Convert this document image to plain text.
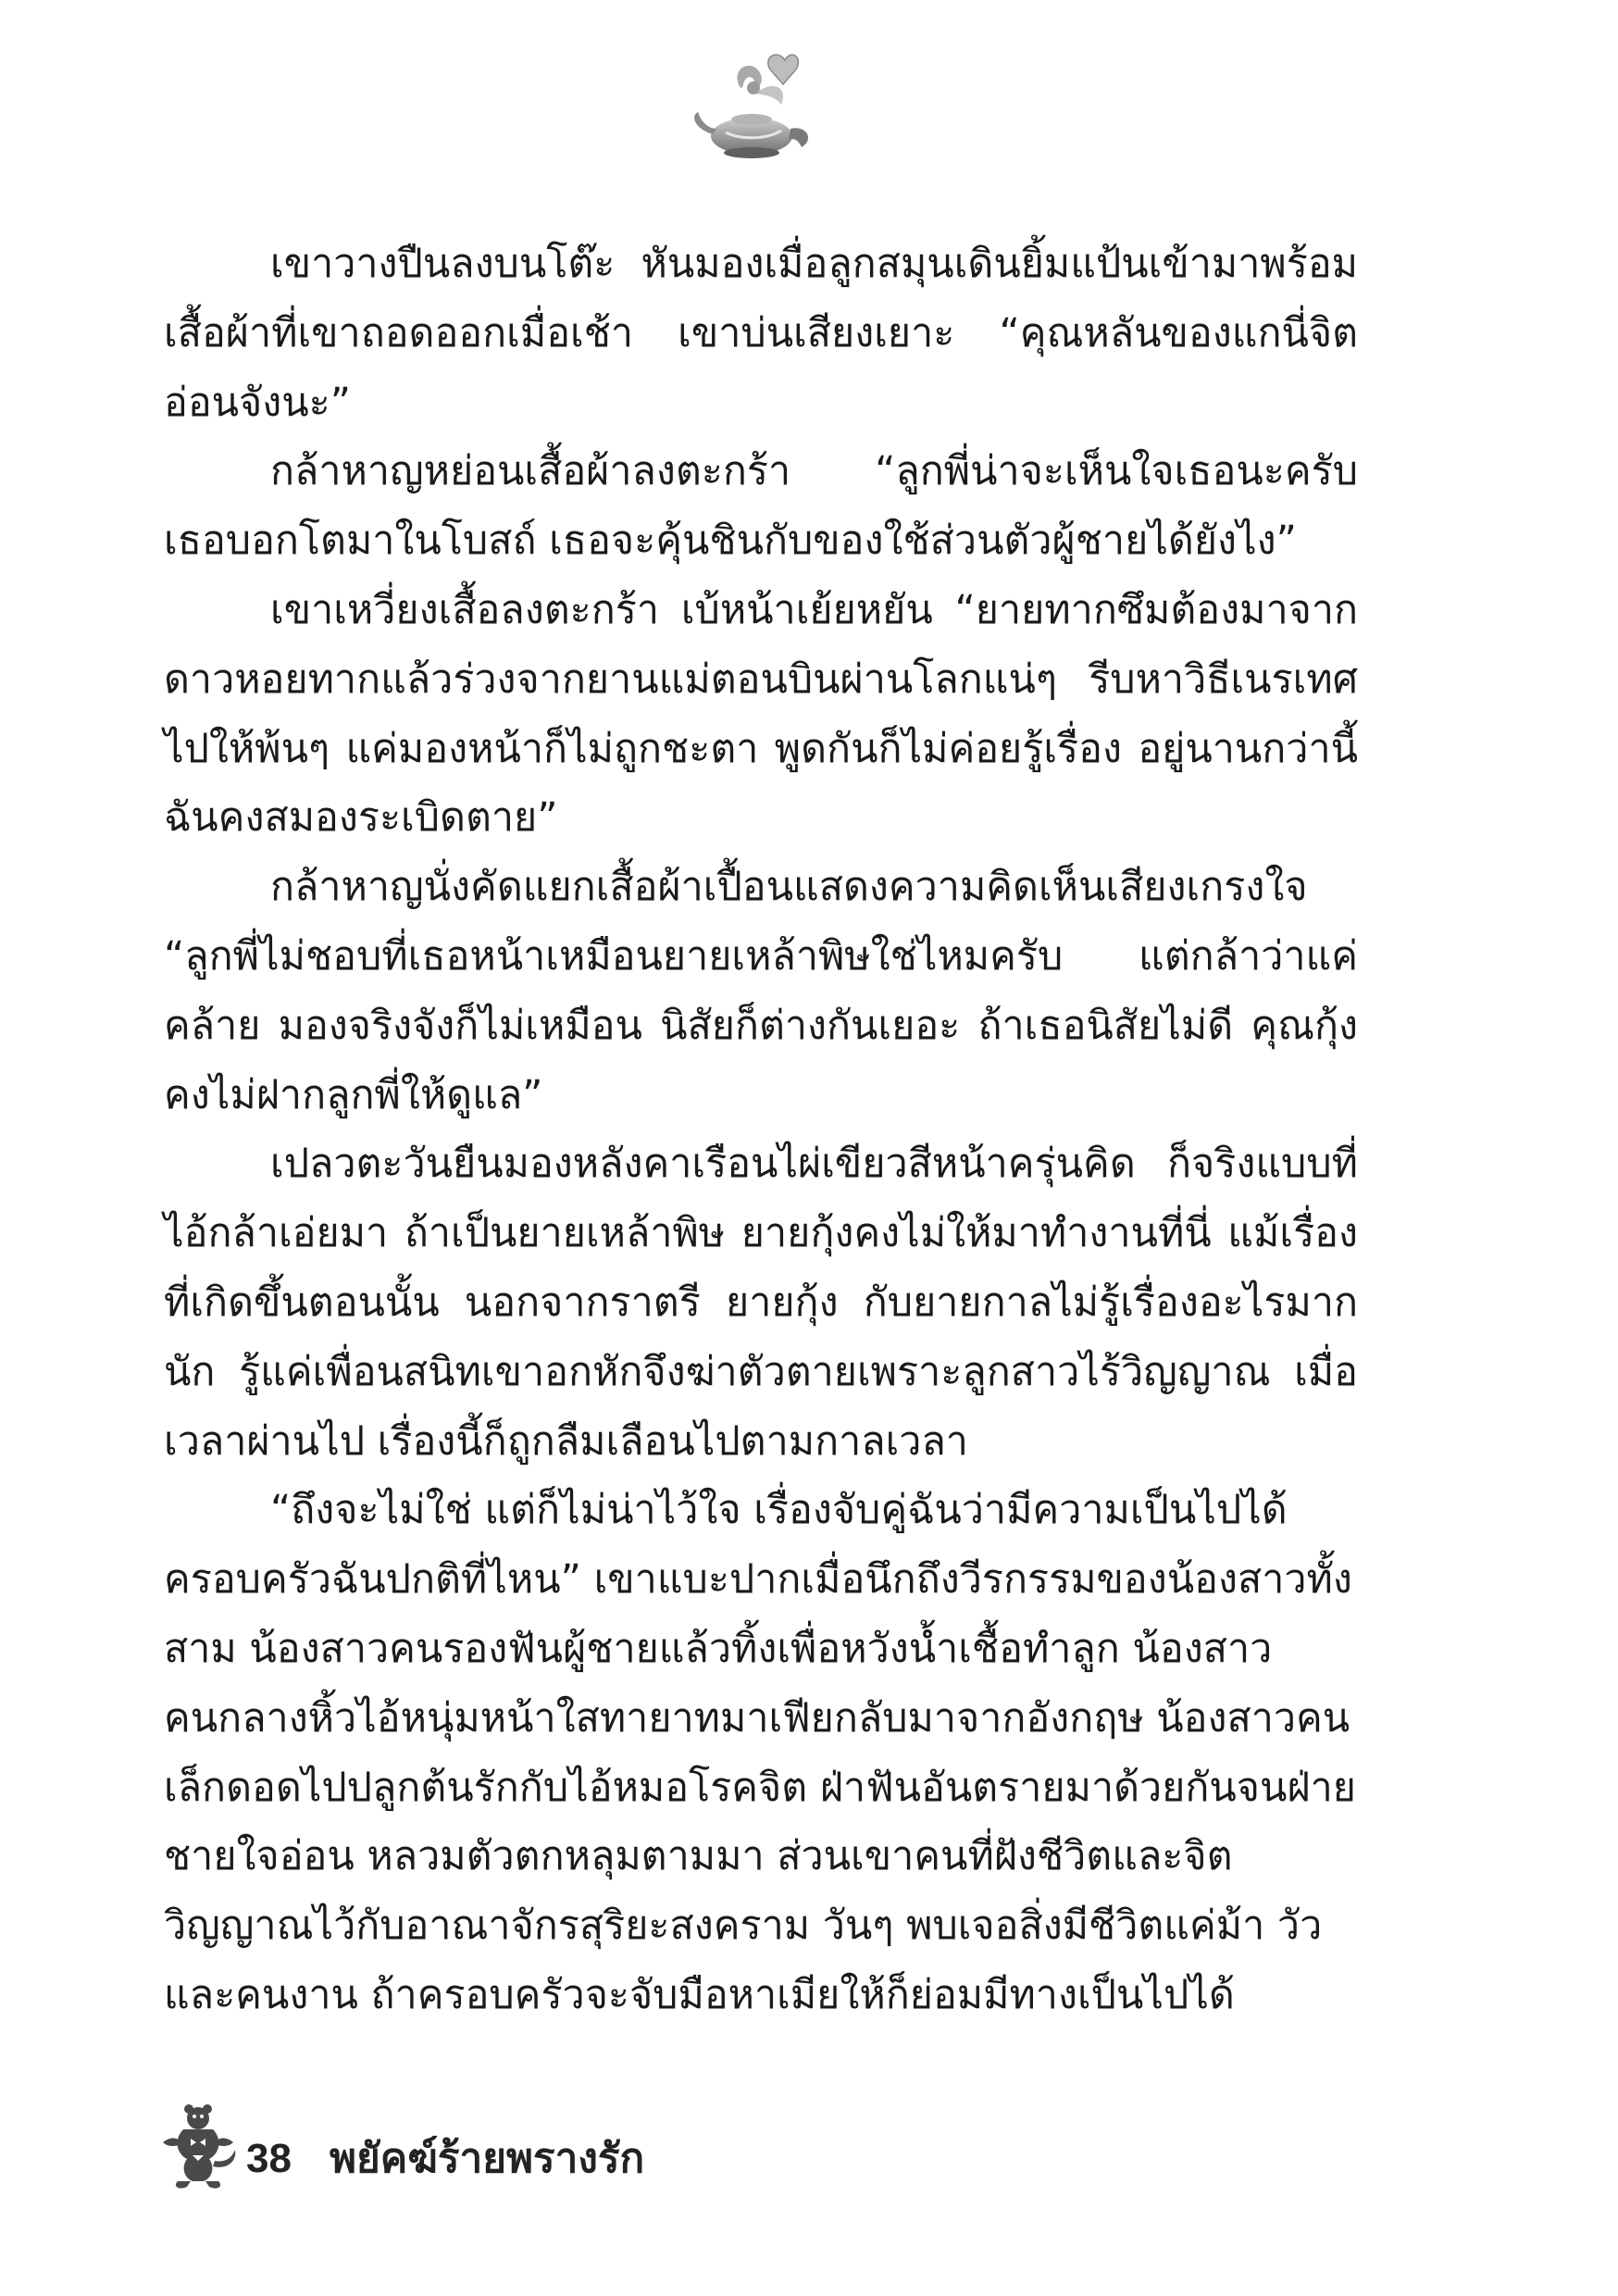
เขาวางปืนลงบนโต๊ะ หันมองเมื่อลูกสมุนเดินยิ้มแป้นเข้ามาพร้อมเสื้อผ้าที่เขาถอดออกเมื่อเช้า เขาบ่นเสียงเยาะ “คุณหลันของแกนี่จิตอ่อนจังนะ”

กล้าหาญหย่อนเสื้อผ้าลงตะกร้า “ลูกพี่น่าจะเห็นใจเธอนะครับ เธอบอกโตมาในโบสถ์ เธอจะคุ้นชินกับของใช้ส่วนตัวผู้ชายได้ยังไง”

เขาเหวี่ยงเสื้อลงตะกร้า เบ้หน้าเย้ยหยัน “ยายทากซึมต้องมาจากดาวหอยทากแล้วร่วงจากยานแม่ตอนบินผ่านโลกแน่ๆ รีบหาวิธีเนรเทศไปให้พ้นๆ แค่มองหน้าก็ไม่ถูกชะตา พูดกันก็ไม่ค่อยรู้เรื่อง อยู่นานกว่านี้ฉันคงสมองระเบิดตาย”

กล้าหาญนั่งคัดแยกเสื้อผ้าเปื้อนแสดงความคิดเห็นเสียงเกรงใจ “ลูกพี่ไม่ชอบที่เธอหน้าเหมือนยายเหล้าพิษใช่ไหมครับ แต่กล้าว่าแค่คล้าย มองจริงจังก็ไม่เหมือน นิสัยก็ต่างกันเยอะ ถ้าเธอนิสัยไม่ดี คุณกุ้งคงไม่ฝากลูกพี่ให้ดูแล”

เปลวตะวันยืนมองหลังคาเรือนไผ่เขียวสีหน้าครุ่นคิด ก็จริงแบบที่ไอ้กล้าเอ่ยมา ถ้าเป็นยายเหล้าพิษ ยายกุ้งคงไม่ให้มาทำงานที่นี่ แม้เรื่องที่เกิดขึ้นตอนนั้น นอกจากราตรี ยายกุ้ง กับยายกาลไม่รู้เรื่องอะไรมากนัก รู้แค่เพื่อนสนิทเขาอกหักจึงฆ่าตัวตายเพราะลูกสาวไร้วิญญาณ เมื่อเวลาผ่านไป เรื่องนี้ก็ถูกลืมเลือนไปตามกาลเวลา

“ถึงจะไม่ใช่ แต่ก็ไม่น่าไว้ใจ เรื่องจับคู่ฉันว่ามีความเป็นไปได้ ครอบครัวฉันปกติที่ไหน” เขาแบะปากเมื่อนึกถึงวีรกรรมของน้องสาวทั้งสาม น้องสาวคนรองฟันผู้ชายแล้วทิ้งเพื่อหวังน้ำเชื้อทำลูก น้องสาวคนกลางหิ้วไอ้หนุ่มหน้าใสทายาทมาเฟียกลับมาจากอังกฤษ น้องสาวคนเล็กดอดไปปลูกต้นรักกับไอ้หมอโรคจิต ฝ่าฟันอันตรายมาด้วยกันจนฝ่ายชายใจอ่อน หลวมตัวตกหลุมตามมา ส่วนเขาคนที่ฝังชีวิตและจิตวิญญาณไว้กับอาณาจักรสุริยะสงคราม วันๆ พบเจอสิ่งมีชีวิตแค่ม้า วัว และคนงาน ถ้าครอบครัวจะจับมือหาเมียให้ก็ย่อมมีทางเป็นไปได้

38 พยัคฆ์ร้ายพรางรัก
